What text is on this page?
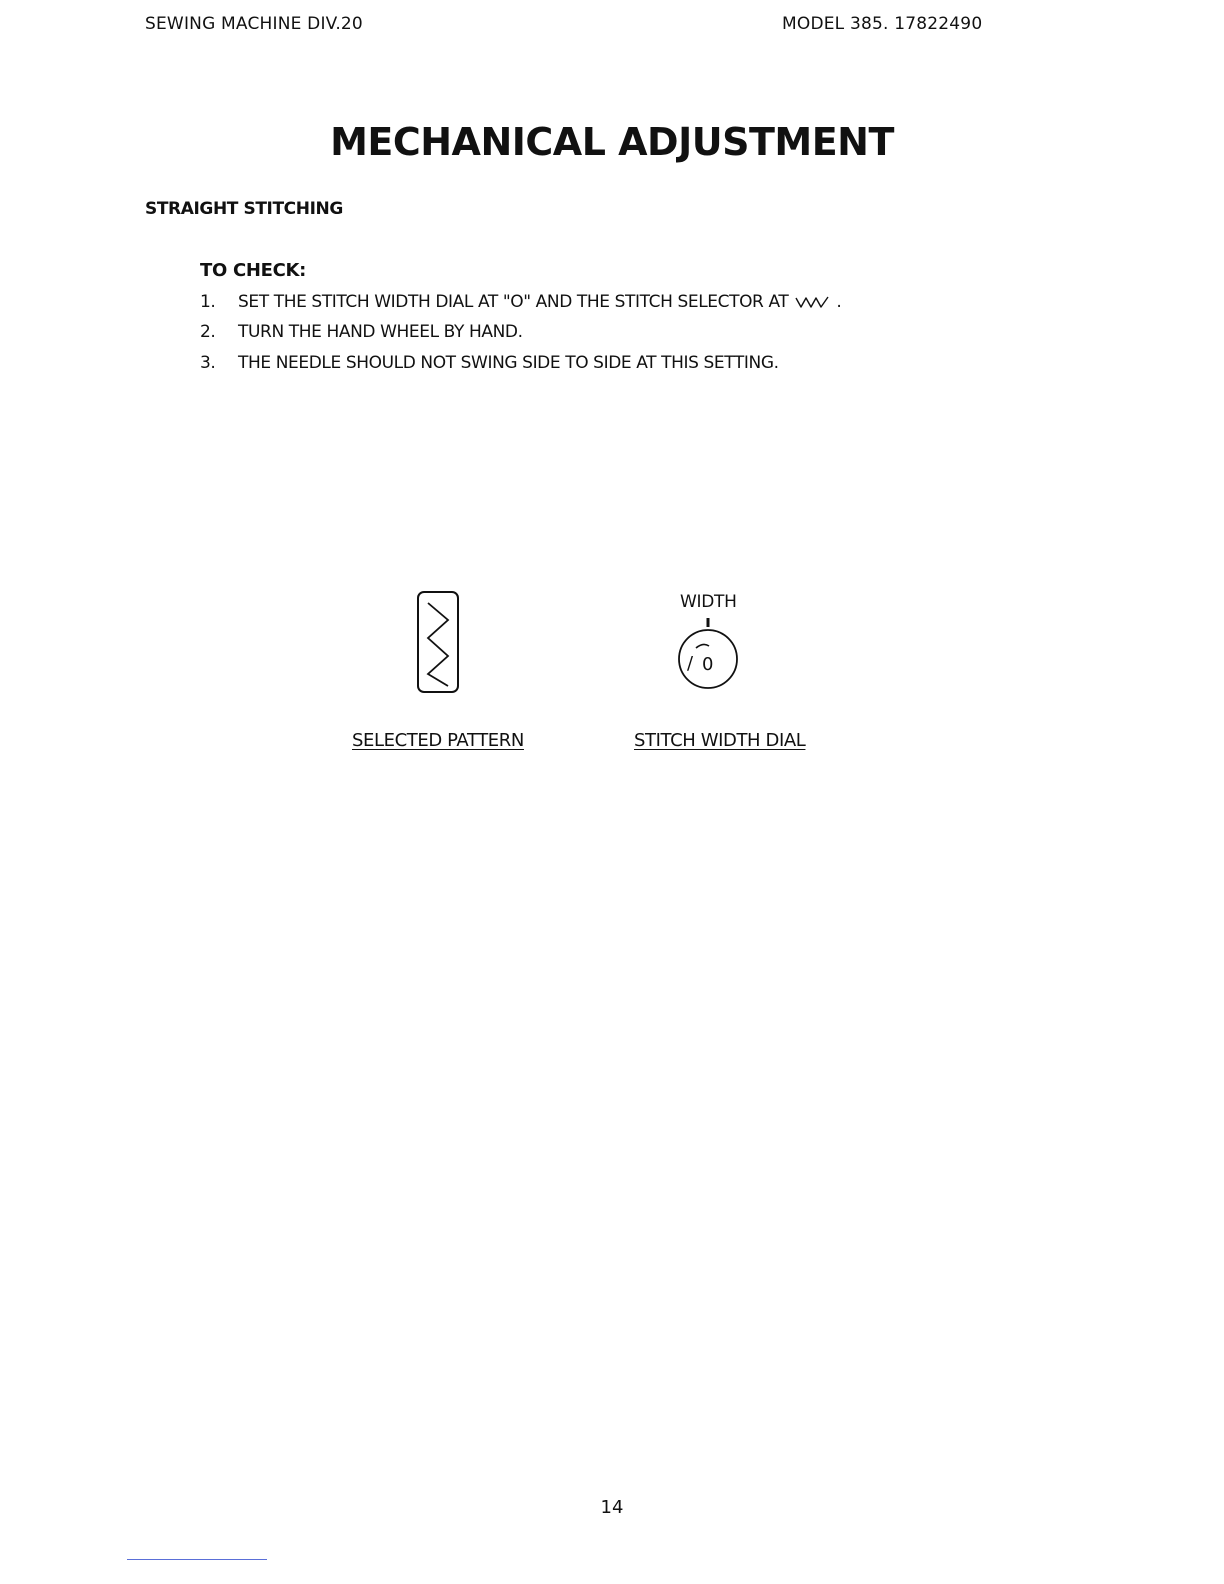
SEWING MACHINE DIV.20	MODEL 385. 17822490
MECHANICAL ADJUSTMENT
STRAIGHT STITCHING
TO CHECK:
1. SET THE STITCH WIDTH DIAL AT "O" AND THE STITCH SELECTOR AT	.
2. TURN THE HAND WHEEL BY HAND.
3. THE NEEDLE SHOULD NOT SWING SIDE TO SIDE AT THIS SETTING.
WIDTH
/ 0
SELECTED PATTERN	STITCH WIDTH DIAL
14
